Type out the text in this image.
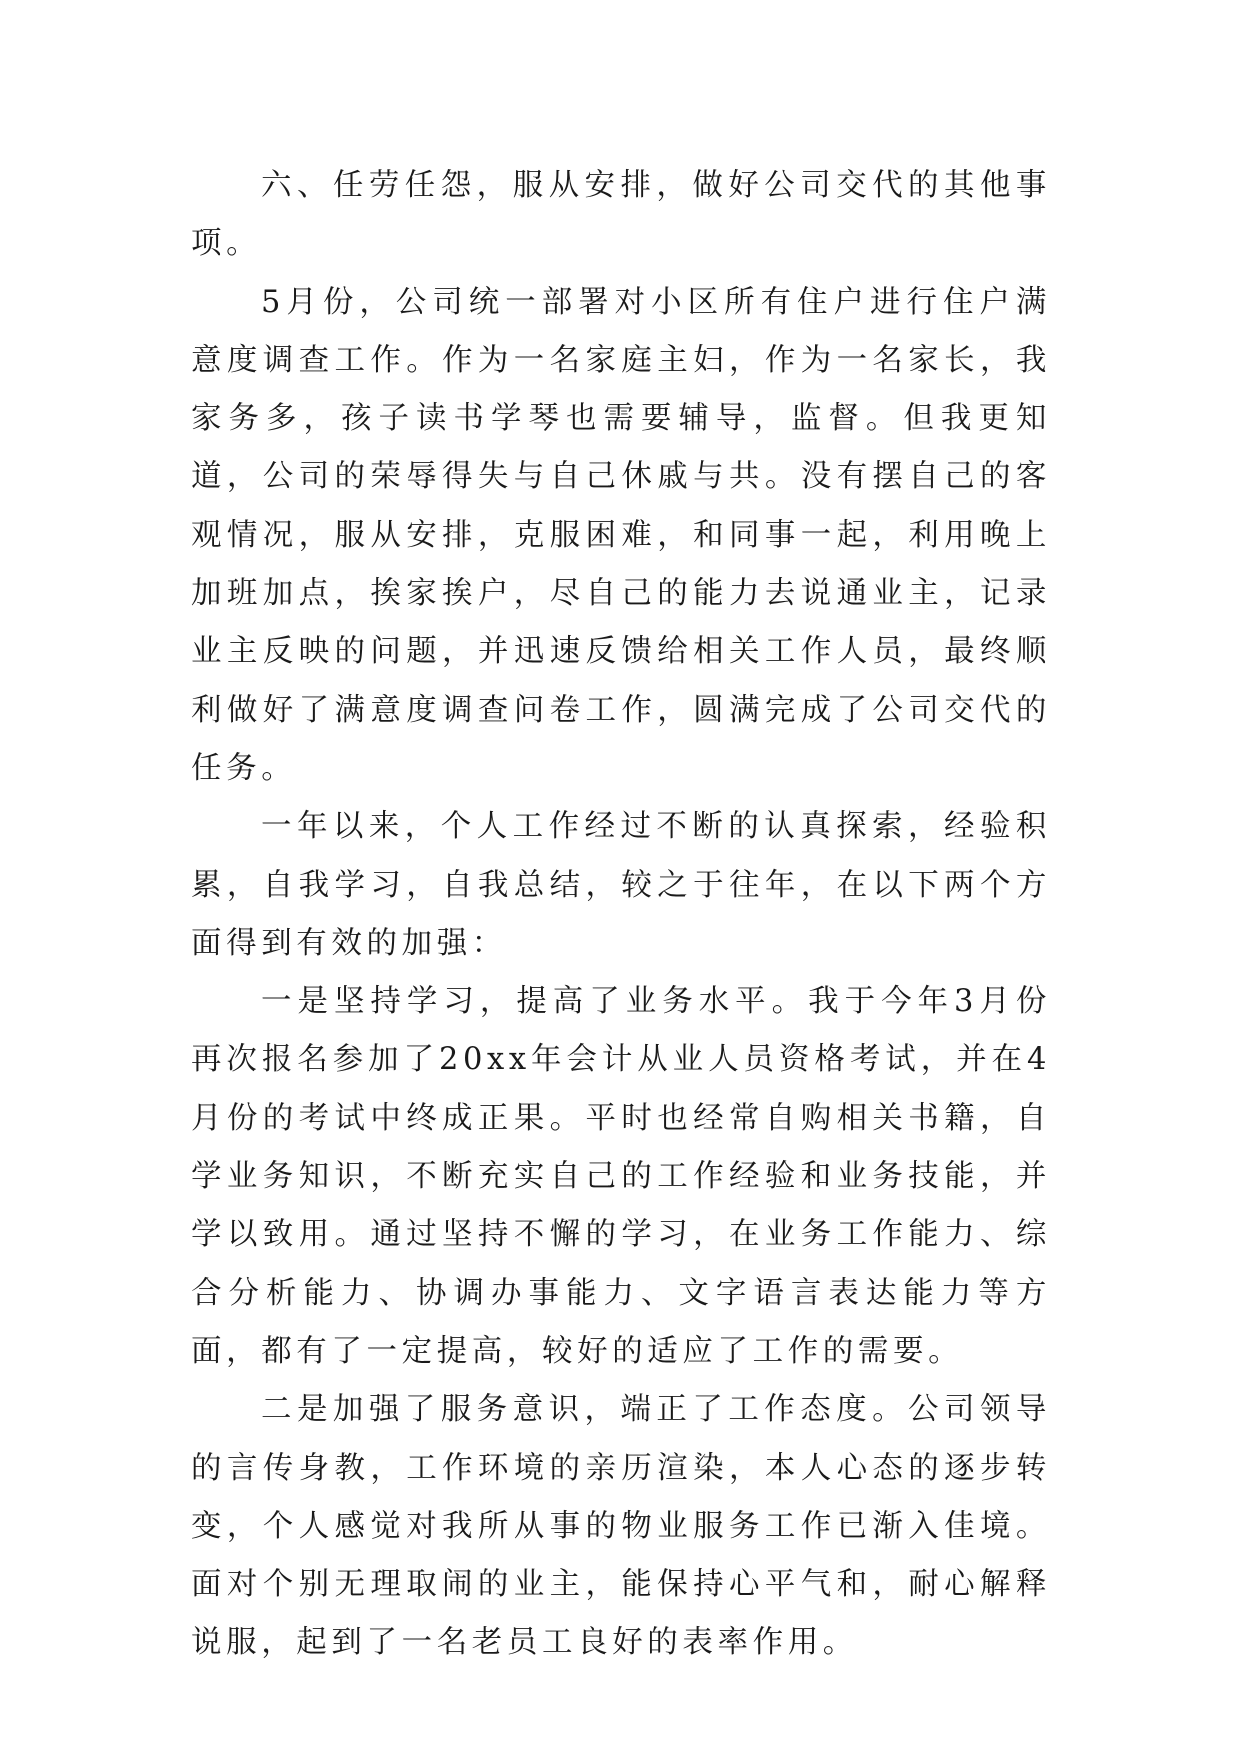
六、任劳任怨，服从安排，做好公司交代的其他事项。

5月份，公司统一部署对小区所有住户进行住户满意度调查工作。作为一名家庭主妇，作为一名家长，我家务多，孩子读书学琴也需要辅导，监督。但我更知道，公司的荣辱得失与自己休戚与共。没有摆自己的客观情况，服从安排，克服困难，和同事一起，利用晚上加班加点，挨家挨户，尽自己的能力去说通业主，记录业主反映的问题，并迅速反馈给相关工作人员，最终顺利做好了满意度调查问卷工作，圆满完成了公司交代的任务。

一年以来，个人工作经过不断的认真探索，经验积累，自我学习，自我总结，较之于往年，在以下两个方面得到有效的加强：

一是坚持学习，提高了业务水平。我于今年3月份再次报名参加了20xx年会计从业人员资格考试，并在4月份的考试中终成正果。平时也经常自购相关书籍，自学业务知识，不断充实自己的工作经验和业务技能，并学以致用。通过坚持不懈的学习，在业务工作能力、综合分析能力、协调办事能力、文字语言表达能力等方面，都有了一定提高，较好的适应了工作的需要。

二是加强了服务意识，端正了工作态度。公司领导的言传身教，工作环境的亲历渲染，本人心态的逐步转变，个人感觉对我所从事的物业服务工作已渐入佳境。面对个别无理取闹的业主，能保持心平气和，耐心解释说服，起到了一名老员工良好的表率作用。
